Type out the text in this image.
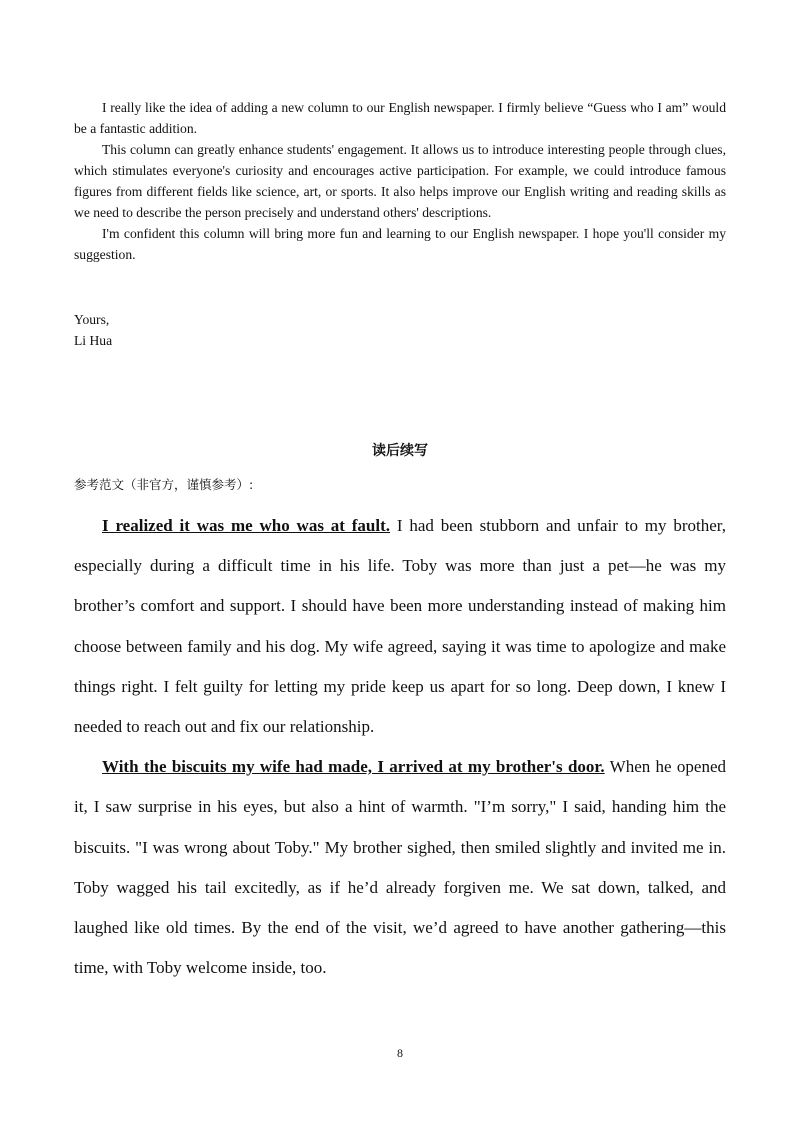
I really like the idea of adding a new column to our English newspaper. I firmly believe “Guess who I am” would be a fantastic addition.

This column can greatly enhance students' engagement. It allows us to introduce interesting people through clues, which stimulates everyone's curiosity and encourages active participation. For example, we could introduce famous figures from different fields like science, art, or sports. It also helps improve our English writing and reading skills as we need to describe the person precisely and understand others' descriptions.

I'm confident this column will bring more fun and learning to our English newspaper. I hope you'll consider my suggestion.

Yours,
Li Hua
读后续写
参考范文（非官方，谨慎参考）:

I realized it was me who was at fault. I had been stubborn and unfair to my brother, especially during a difficult time in his life. Toby was more than just a pet—he was my brother’s comfort and support. I should have been more understanding instead of making him choose between family and his dog. My wife agreed, saying it was time to apologize and make things right. I felt guilty for letting my pride keep us apart for so long. Deep down, I knew I needed to reach out and fix our relationship.

With the biscuits my wife had made, I arrived at my brother's door. When he opened it, I saw surprise in his eyes, but also a hint of warmth. "I’m sorry," I said, handing him the biscuits. "I was wrong about Toby." My brother sighed, then smiled slightly and invited me in. Toby wagged his tail excitedly, as if he’d already forgiven me. We sat down, talked, and laughed like old times. By the end of the visit, we’d agreed to have another gathering—this time, with Toby welcome inside, too.

8
